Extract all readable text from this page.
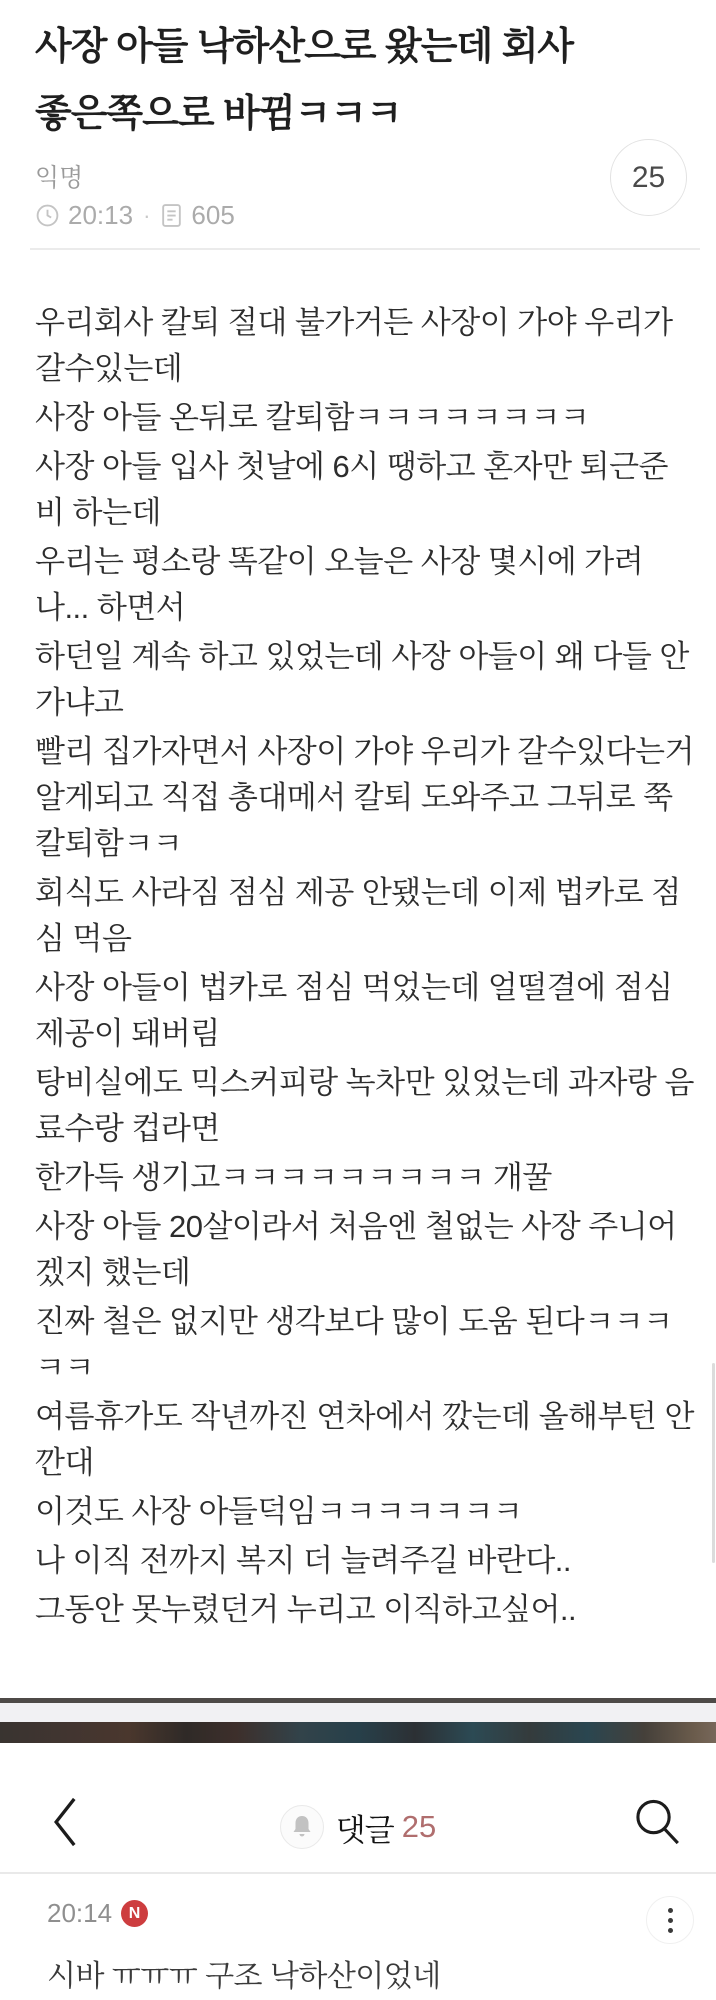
사장 아들 낙하산으로 왔는데 회사 좋은쪽으로 바뀜ㅋㅋㅋ
익명
20:13 · 605
25

우리회사 칼퇴 절대 불가거든 사장이 가야 우리가 갈수있는데

사장 아들 온뒤로 칼퇴함ㅋㅋㅋㅋㅋㅋㅋㅋ

사장 아들 입사 첫날에 6시 땡하고 혼자만 퇴근준비 하는데

우리는 평소랑 똑같이 오늘은 사장 몇시에 가려나... 하면서

하던일 계속 하고 있었는데 사장 아들이 왜 다들 안 가냐고

빨리 집가자면서 사장이 가야 우리가 갈수있다는거 알게되고 직접 총대메서 칼퇴 도와주고 그뒤로 쭉 칼퇴함ㅋㅋ

회식도 사라짐 점심 제공 안됐는데 이제 법카로 점심 먹음

사장 아들이 법카로 점심 먹었는데 얼떨결에 점심 제공이 돼버림

탕비실에도 믹스커피랑 녹차만 있었는데 과자랑 음료수랑 컵라면

한가득 생기고ㅋㅋㅋㅋㅋㅋㅋㅋㅋ 개꿀

사장 아들 20살이라서 처음엔 철없는 사장 주니어 겠지 했는데

진짜 철은 없지만 생각보다 많이 도움 된다ㅋㅋㅋㅋㅋ

여름휴가도 작년까진 연차에서 깠는데 올해부턴 안 깐대

이것도 사장 아들덕임ㅋㅋㅋㅋㅋㅋㅋ

나 이직 전까지 복지 더 늘려주길 바란다..

그동안 못누렸던거 누리고 이직하고싶어..

댓글 25
20:14	N
시바 ㅠㅠㅠ 구조 낙하산이었네
